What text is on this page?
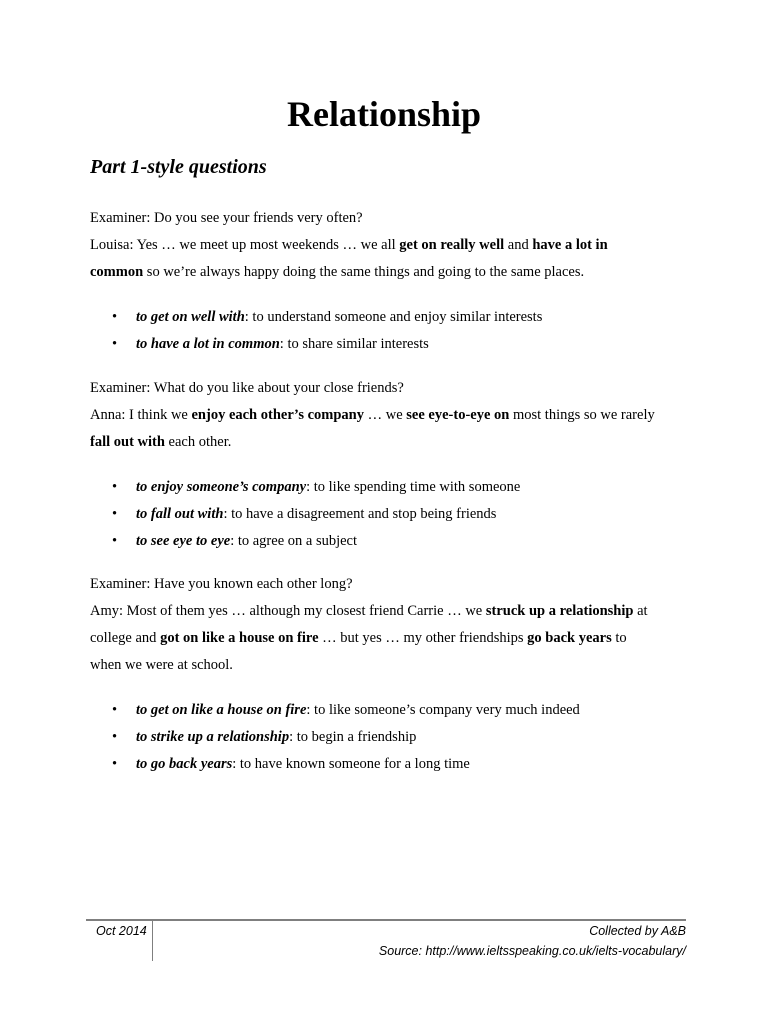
Relationship
Part 1-style questions
Examiner: Do you see your friends very often?
Louisa: Yes … we meet up most weekends … we all get on really well and have a lot in
common so we’re always happy doing the same things and going to the same places.
• to get on well with: to understand someone and enjoy similar interests
• to have a lot in common: to share similar interests
Examiner: What do you like about your close friends?
Anna: I think we enjoy each other’s company … we see eye-to-eye on most things so we rarely
fall out with each other.
• to enjoy someone’s company: to like spending time with someone
• to fall out with: to have a disagreement and stop being friends
• to see eye to eye: to agree on a subject
Examiner: Have you known each other long?
Amy: Most of them yes … although my closest friend Carrie … we struck up a relationship at
college and got on like a house on fire … but yes … my other friendships go back years to
when we were at school.
• to get on like a house on fire: to like someone’s company very much indeed
• to strike up a relationship: to begin a friendship
• to go back years: to have known someone for a long time
Oct 2014	Collected by A&B
Source: http://www.ieltsspeaking.co.uk/ielts-vocabulary/
